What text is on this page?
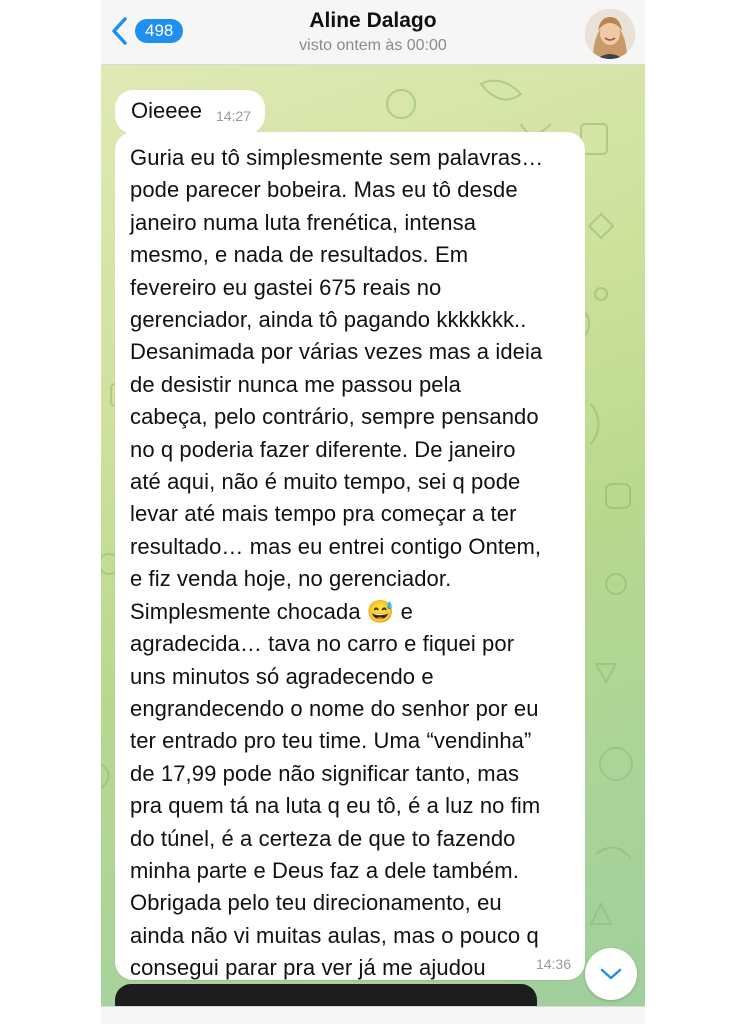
498	Aline Dalago
visto ontem às 00:00
Oieeee 14:27
Guria eu tô simplesmente sem palavras…
pode parecer bobeira. Mas eu tô desde
janeiro numa luta frenética, intensa
mesmo, e nada de resultados. Em
fevereiro eu gastei 675 reais no
gerenciador, ainda tô pagando kkkkkkk..
Desanimada por várias vezes mas a ideia
de desistir nunca me passou pela
cabeça, pelo contrário, sempre pensando
no q poderia fazer diferente. De janeiro
até aqui, não é muito tempo, sei q pode
levar até mais tempo pra começar a ter
resultado… mas eu entrei contigo Ontem,
e fiz venda hoje, no gerenciador.
Simplesmente chocada 😅 e
agradecida… tava no carro e fiquei por
uns minutos só agradecendo e
engrandecendo o nome do senhor por eu
ter entrado pro teu time. Uma “vendinha”
de 17,99 pode não significar tanto, mas
pra quem tá na luta q eu tô, é a luz no fim
do túnel, é a certeza de que to fazendo
minha parte e Deus faz a dele também.
Obrigada pelo teu direcionamento, eu
ainda não vi muitas aulas, mas o pouco q
consegui parar pra ver já me ajudou	14:36
